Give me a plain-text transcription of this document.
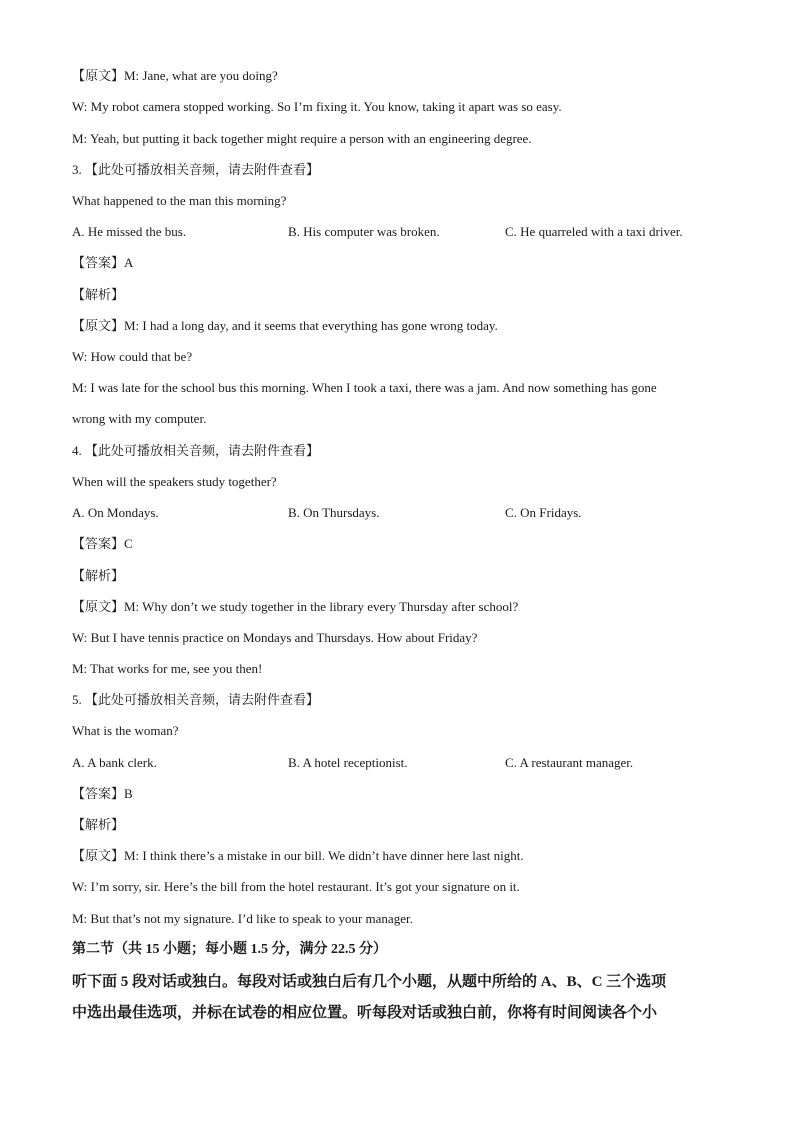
【原文】M: Jane, what are you doing?
W: My robot camera stopped working. So I’m fixing it. You know, taking it apart was so easy.
M: Yeah, but putting it back together might require a person with an engineering degree.
3. 【此处可播放相关音频，请去附件查看】
What happened to the man this morning?
A. He missed the bus.	B. His computer was broken.	C. He quarreled with a taxi driver.
【答案】A
【解析】
【原文】M: I had a long day, and it seems that everything has gone wrong today.
W: How could that be?
M: I was late for the school bus this morning. When I took a taxi, there was a jam. And now something has gone
wrong with my computer.
4. 【此处可播放相关音频，请去附件查看】
When will the speakers study together?
A. On Mondays.	B. On Thursdays.	C. On Fridays.
【答案】C
【解析】
【原文】M: Why don’t we study together in the library every Thursday after school?
W: But I have tennis practice on Mondays and Thursdays. How about Friday?
M: That works for me, see you then!
5. 【此处可播放相关音频，请去附件查看】
What is the woman?
A. A bank clerk.	B. A hotel receptionist.	C. A restaurant manager.
【答案】B
【解析】
【原文】M: I think there’s a mistake in our bill. We didn’t have dinner here last night.
W: I’m sorry, sir. Here’s the bill from the hotel restaurant. It’s got your signature on it.
M: But that’s not my signature. I’d like to speak to your manager.
第二节（共 15 小题；每小题 1.5 分，满分 22.5 分）
听下面 5 段对话或独白。每段对话或独白后有几个小题，从题中所给的 A、B、C 三个选项
中选出最佳选项，并标在试卷的相应位置。听每段对话或独白前，你将有时间阅读各个小
